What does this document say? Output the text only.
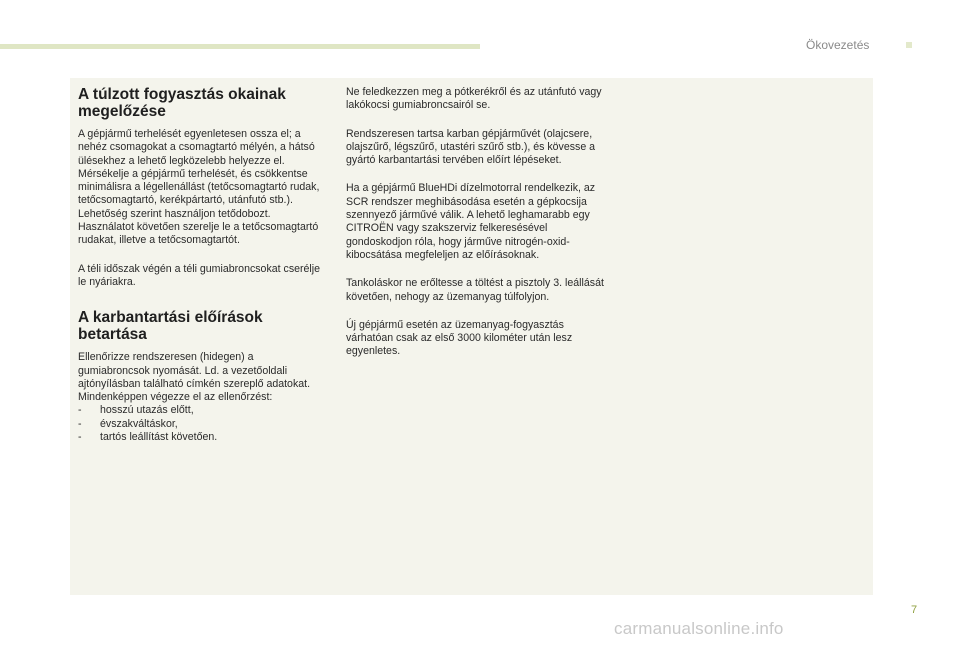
Ökovezetés
A túlzott fogyasztás okainak megelőzése

A gépjármű terhelését egyenletesen ossza el; a nehéz csomagokat a csomagtartó mélyén, a hátsó ülésekhez a lehető legközelebb helyezze el.

Mérsékelje a gépjármű terhelését, és csökkentse minimálisra a légellenállást (tetőcsomagtartó rudak, tetőcsomagtartó, kerékpártartó, utánfutó stb.). Lehetőség szerint használjon tetődobozt.

Használatot követően szerelje le a tetőcsomagtartó rudakat, illetve a tetőcsomagtartót.

A téli időszak végén a téli gumiabroncsokat cserélje le nyáriakra.

A karbantartási előírások betartása

Ellenőrizze rendszeresen (hidegen) a gumiabroncsok nyomását. Ld. a vezetőoldali ajtónyílásban található címkén szereplő adatokat.

Mindenképpen végezze el az ellenőrzést:

-	hosszú utazás előtt,
-	évszakváltáskor,
-	tartós leállítást követően.

Ne feledkezzen meg a pótkerékről és az utánfutó vagy lakókocsi gumiabroncsairól se.

Rendszeresen tartsa karban gépjárművét (olajcsere, olajszűrő, légszűrő, utastéri szűrő stb.), és kövesse a gyártó karbantartási tervében előírt lépéseket.

Ha a gépjármű BlueHDi dízelmotorral rendelkezik, az SCR rendszer meghibásodása esetén a gépkocsija szennyező járművé válik. A lehető leghamarabb egy CITROËN vagy szakszerviz felkeresésével gondoskodjon róla, hogy járműve nitrogén-oxid-kibocsátása megfeleljen az előírásoknak.

Tankoláskor ne erőltesse a töltést a pisztoly 3. leállását követően, nehogy az üzemanyag túlfolyjon.

Új gépjármű esetén az üzemanyag-fogyasztás várhatóan csak az első 3000 kilométer után lesz egyenletes.

7
carmanualsonline.info
